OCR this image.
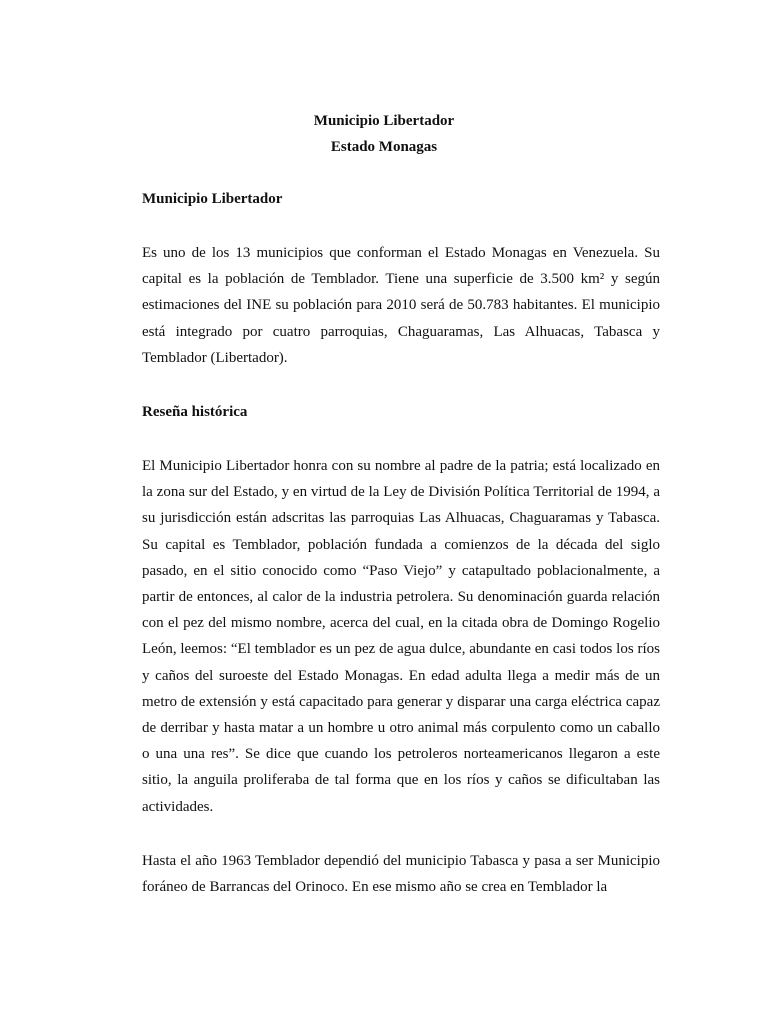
Municipio Libertador
Estado Monagas

Municipio Libertador

Es uno de los 13 municipios que conforman el Estado Monagas en Venezuela. Su capital es la población de Temblador. Tiene una superficie de 3.500 km² y según estimaciones del INE su población para 2010 será de 50.783 habitantes. El municipio está integrado por cuatro parroquias, Chaguaramas, Las Alhuacas, Tabasca y Temblador (Libertador).

Reseña histórica

El Municipio Libertador honra con su nombre al padre de la patria; está localizado en la zona sur del Estado, y en virtud de la Ley de División Política Territorial de 1994, a su jurisdicción están adscritas las parroquias Las Alhuacas, Chaguaramas y Tabasca. Su capital es Temblador, población fundada a comienzos de la década del siglo pasado, en el sitio conocido como “Paso Viejo” y catapultado poblacionalmente, a partir de entonces, al calor de la industria petrolera. Su denominación guarda relación con el pez del mismo nombre, acerca del cual, en la citada obra de Domingo Rogelio León, leemos: “El temblador es un pez de agua dulce, abundante en casi todos los ríos y caños del suroeste del Estado Monagas. En edad adulta llega a medir más de un metro de extensión y está capacitado para generar y disparar una carga eléctrica capaz de derribar y hasta matar a un hombre u otro animal más corpulento como un caballo o una una res”. Se dice que cuando los petroleros norteamericanos llegaron a este sitio, la anguila proliferaba de tal forma que en los ríos y caños se dificultaban las actividades.

Hasta el año 1963 Temblador dependió del municipio Tabasca y pasa a ser Municipio foráneo de Barrancas del Orinoco. En ese mismo año se crea en Temblador la
